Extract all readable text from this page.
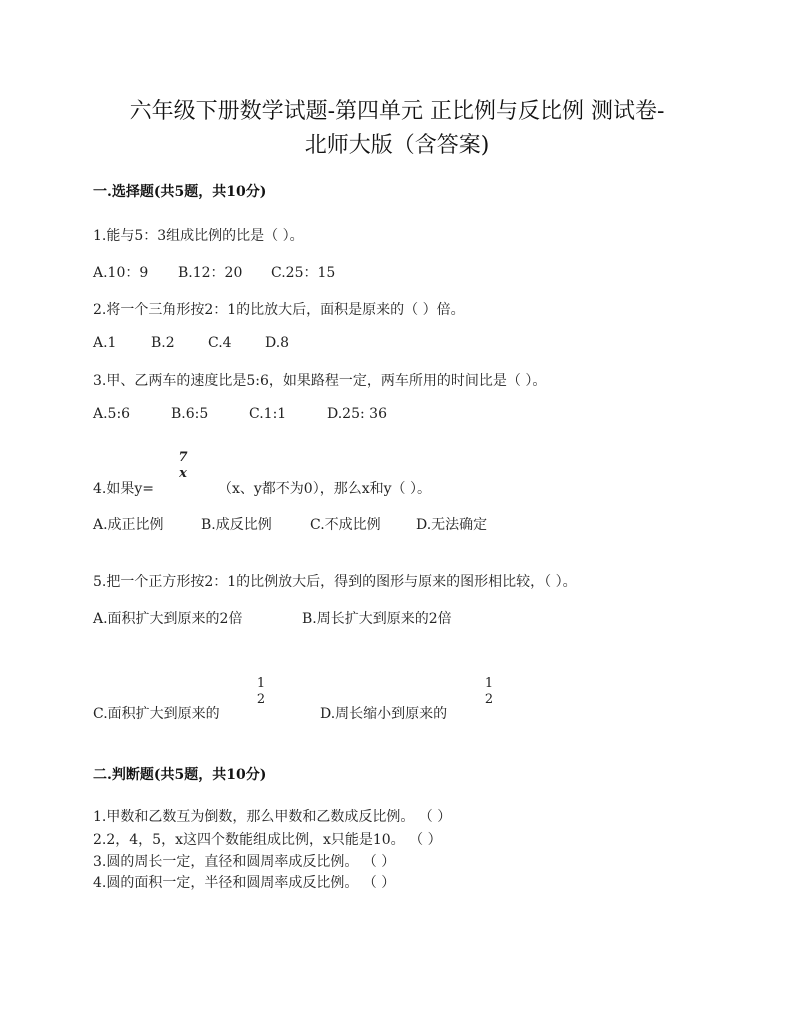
六年级下册数学试题-第四单元 正比例与反比例 测试卷-
北师大版（含答案)
一.选择题(共5题，共10分)
1.能与5：3组成比例的比是（ ）。
A.10：9 B.12：20 C.25：15
2.将一个三角形按2：1的比放大后，面积是原来的（ ）倍。
A.1 B.2 C.4 D.8
3.甲、乙两车的速度比是5:6，如果路程一定，两车所用的时间比是（ ）。
A.5:6	B.6:5	C.1:1	D.25: 36
4.如果y=
7
x
（x、y都不为0），那么x和y（ ）。
A.成正比例	B.成反比例	C.不成比例	D.无法确定
5.把一个正方形按2：1的比例放大后，得到的图形与原来的图形相比较，（ ）。
A.面积扩大到原来的2倍	B.周长扩大到原来的2倍
C.面积扩大到原来的
1
2
D.周长缩小到原来的
1
2
二.判断题(共5题，共10分)
1.甲数和乙数互为倒数，那么甲数和乙数成反比例。 （ ）
2.2，4，5，x这四个数能组成比例，x只能是10。 （ ）
3.圆的周长一定，直径和圆周率成反比例。 （ ）
4.圆的面积一定，半径和圆周率成反比例。 （ ）
